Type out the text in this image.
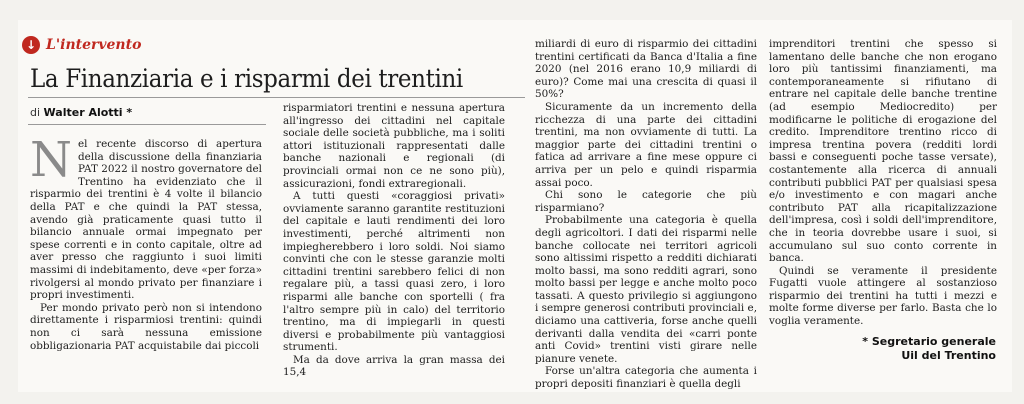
↓ L'intervento
La Finanziaria e i risparmi dei trentini
di Walter Alotti *

Nel recente discorso di apertura della discussione della finanziaria PAT 2022 il nostro governatore del Trentino ha evidenziato che il risparmio dei trentini è 4 volte il bilancio della PAT e che quindi la PAT stessa, avendo già praticamente quasi tutto il bilancio annuale ormai impegnato per spese correnti e in conto capitale, oltre ad aver presso che raggiunto i suoi limiti massimi di indebitamento, deve «per forza» rivolgersi al mondo privato per finanziare i propri investimenti.

Per mondo privato però non si intendono direttamente i risparmiosi trentini: quindi non ci sarà nessuna emissione obbligazionaria PAT acquistabile dai piccoli

risparmiatori trentini e nessuna apertura all'ingresso dei cittadini nel capitale sociale delle società pubbliche, ma i soliti attori istituzionali rappresentati dalle banche nazionali e regionali (di provinciali ormai non ce ne sono più), assicurazioni, fondi extraregionali.

A tutti questi «coraggiosi privati» ovviamente saranno garantite restituzioni del capitale e lauti rendimenti dei loro investimenti, perché altrimenti non impiegherebbero i loro soldi. Noi siamo convinti che con le stesse garanzie molti cittadini trentini sarebbero felici di non regalare più, a tassi quasi zero, i loro risparmi alle banche con sportelli ( fra l'altro sempre più in calo) del territorio trentino, ma di impiegarli in questi diversi e probabilmente più vantaggiosi strumenti.

Ma da dove arriva la gran massa dei 15,4

miliardi di euro di risparmio dei cittadini trentini certificati da Banca d'Italia a fine 2020 (nel 2016 erano 10,9 miliardi di euro)? Come mai una crescita di quasi il 50%?

Sicuramente da un incremento della ricchezza di una parte dei cittadini trentini, ma non ovviamente di tutti. La maggior parte dei cittadini trentini o fatica ad arrivare a fine mese oppure ci arriva per un pelo e quindi risparmia assai poco.

Chi sono le categorie che più risparmiano?

Probabilmente una categoria è quella degli agricoltori. I dati dei risparmi nelle banche collocate nei territori agricoli sono altissimi rispetto a redditi dichiarati molto bassi, ma sono redditi agrari, sono molto bassi per legge e anche molto poco tassati. A questo privilegio si aggiungono i sempre generosi contributi provinciali e, diciamo una cattiveria, forse anche quelli derivanti dalla vendita dei «carri ponte anti Covid» trentini visti girare nelle pianure venete.

Forse un'altra categoria che aumenta i propri depositi finanziari è quella degli

imprenditori trentini che spesso si lamentano delle banche che non erogano loro più tantissimi finanziamenti, ma contemporaneamente si rifiutano di entrare nel capitale delle banche trentine (ad esempio Mediocredito) per modificarne le politiche di erogazione del credito. Imprenditore trentino ricco di impresa trentina povera (redditi lordi bassi e conseguenti poche tasse versate), costantemente alla ricerca di annuali contributi pubblici PAT per qualsiasi spesa e/o investimento e con magari anche contributo PAT alla ricapitalizzazione dell'impresa, così i soldi dell'imprenditore, che in teoria dovrebbe usare i suoi, si accumulano sul suo conto corrente in banca.

Quindi se veramente il presidente Fugatti vuole attingere al sostanzioso risparmio dei trentini ha tutti i mezzi e molte forme diverse per farlo. Basta che lo voglia veramente.

* Segretario generale
Uil del Trentino
